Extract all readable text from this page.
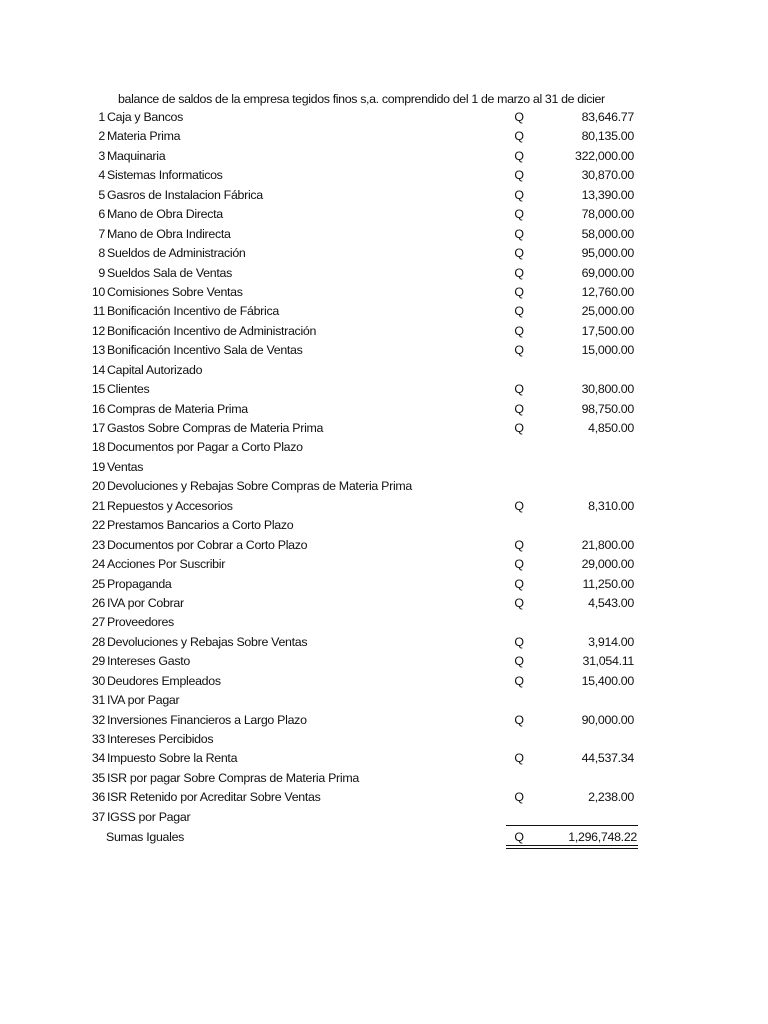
balance de saldos de la empresa tegidos finos s,a. comprendido del 1 de marzo al 31 de dicier
1 Caja y Bancos	Q	83,646.77
2 Materia Prima	Q	80,135.00
3 Maquinaria	Q	322,000.00
4 Sistemas Informaticos	Q	30,870.00
5 Gasros de Instalacion Fábrica	Q	13,390.00
6 Mano de Obra Directa	Q	78,000.00
7 Mano de Obra Indirecta	Q	58,000.00
8 Sueldos de Administración	Q	95,000.00
9 Sueldos Sala de Ventas	Q	69,000.00
10 Comisiones Sobre Ventas	Q	12,760.00
11 Bonificación Incentivo de Fábrica	Q	25,000.00
12 Bonificación Incentivo de Administración	Q	17,500.00
13 Bonificación Incentivo Sala de Ventas	Q	15,000.00
14 Capital Autorizado
15 Clientes	Q	30,800.00
16 Compras de Materia Prima	Q	98,750.00
17 Gastos Sobre Compras de Materia Prima	Q	4,850.00
18 Documentos por Pagar a Corto Plazo
19 Ventas
20 Devoluciones y Rebajas Sobre Compras de Materia Prima
21 Repuestos y Accesorios	Q	8,310.00
22 Prestamos Bancarios a Corto Plazo
23 Documentos por Cobrar a Corto Plazo	Q	21,800.00
24 Acciones Por Suscribir	Q	29,000.00
25 Propaganda	Q	11,250.00
26 IVA por Cobrar	Q	4,543.00
27 Proveedores
28 Devoluciones y Rebajas Sobre Ventas	Q	3,914.00
29 Intereses Gasto	Q	31,054.11
30 Deudores Empleados	Q	15,400.00
31 IVA por Pagar
32 Inversiones Financieros a Largo Plazo	Q	90,000.00
33 Intereses Percibidos
34 Impuesto Sobre la Renta	Q	44,537.34
35 ISR por pagar Sobre Compras de Materia Prima
36 ISR Retenido por Acreditar Sobre Ventas	Q	2,238.00
37 IGSS por Pagar
Sumas Iguales	Q	1,296,748.22
